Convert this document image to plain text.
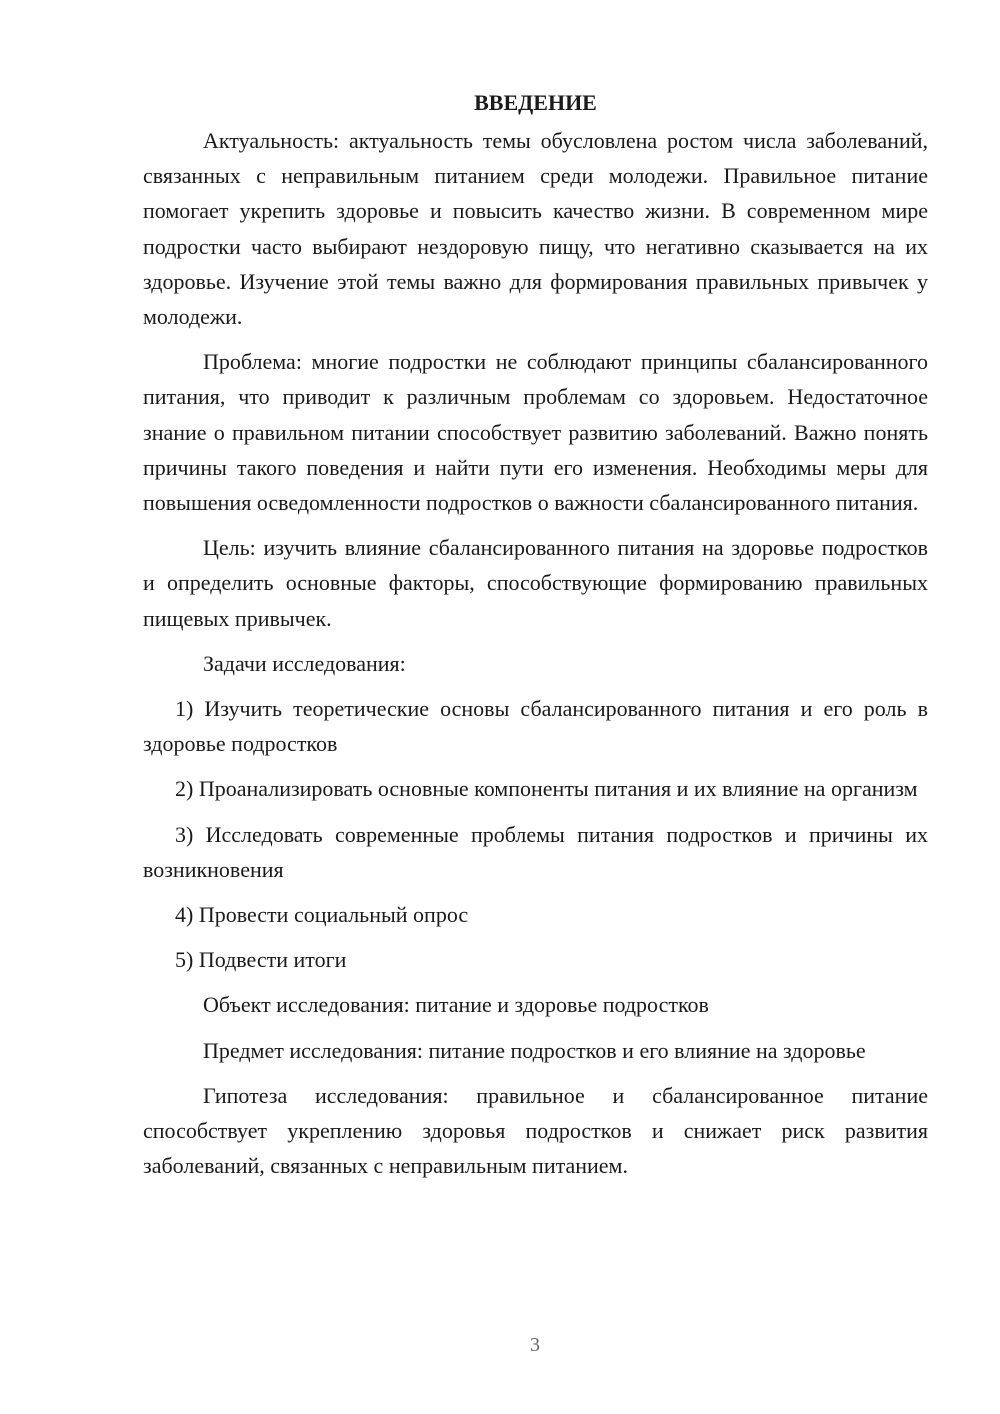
ВВЕДЕНИЕ

Актуальность: актуальность темы обусловлена ростом числа заболеваний, связанных с неправильным питанием среди молодежи. Правильное питание помогает укрепить здоровье и повысить качество жизни. В современном мире подростки часто выбирают нездоровую пищу, что негативно сказывается на их здоровье. Изучение этой темы важно для формирования правильных привычек у молодежи.

Проблема: многие подростки не соблюдают принципы сбалансированного питания, что приводит к различным проблемам со здоровьем. Недостаточное знание о правильном питании способствует развитию заболеваний. Важно понять причины такого поведения и найти пути его изменения. Необходимы меры для повышения осведомленности подростков о важности сбалансированного питания.

Цель: изучить влияние сбалансированного питания на здоровье подростков и определить основные факторы, способствующие формированию правильных пищевых привычек.

Задачи исследования:

1) Изучить теоретические основы сбалансированного питания и его роль в здоровье подростков

2) Проанализировать основные компоненты питания и их влияние на организм

3) Исследовать современные проблемы питания подростков и причины их возникновения

4) Провести социальный опрос

5) Подвести итоги

Объект исследования: питание и здоровье подростков

Предмет исследования: питание подростков и его влияние на здоровье

Гипотеза исследования: правильное и сбалансированное питание способствует укреплению здоровья подростков и снижает риск развития заболеваний, связанных с неправильным питанием.

3
